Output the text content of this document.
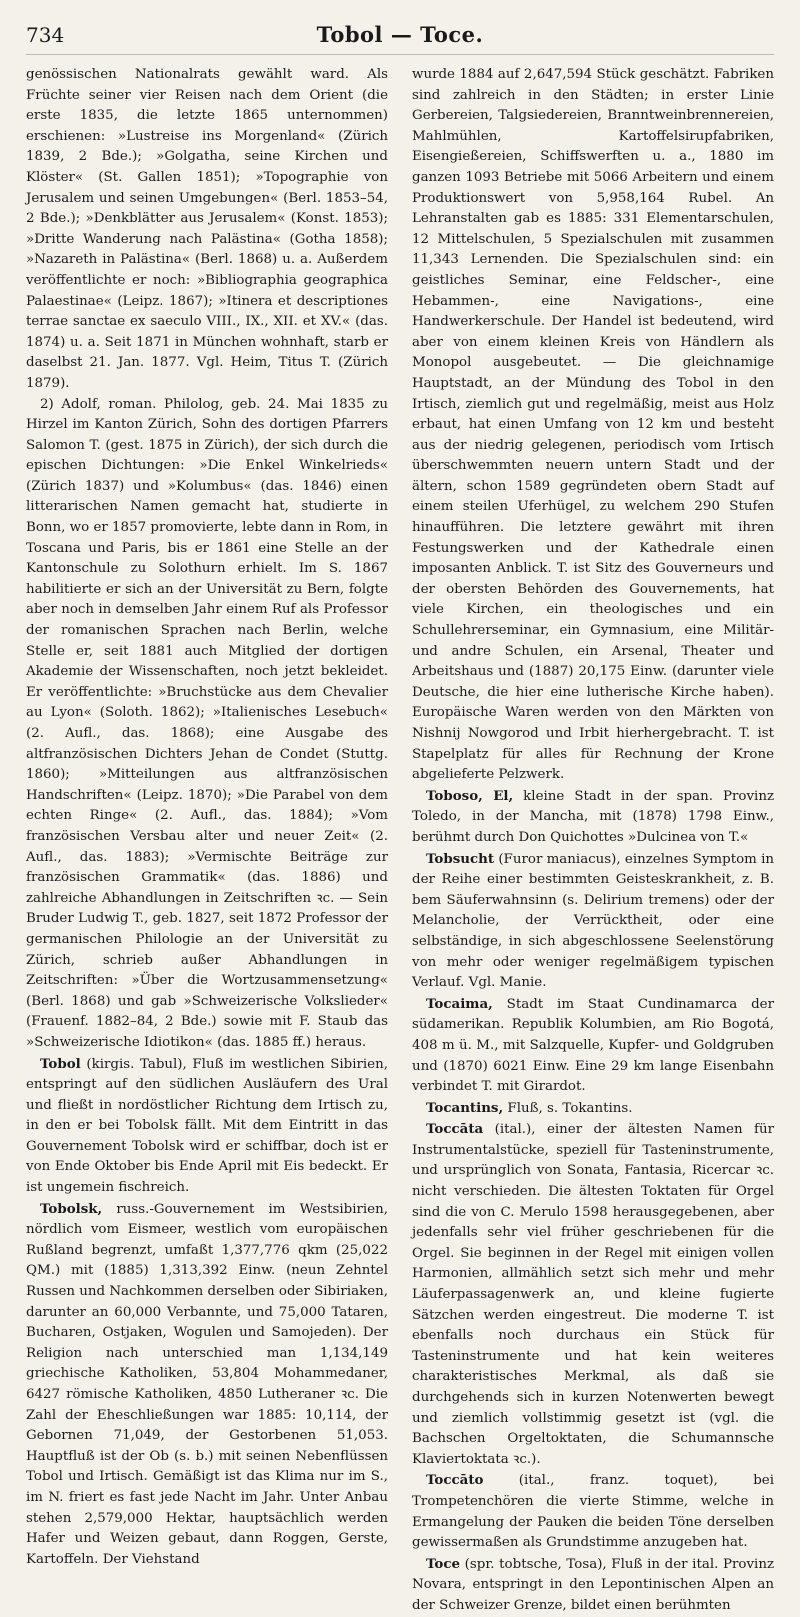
734	Tobol — Toce.

genössischen Nationalrats gewählt ward. Als Früchte seiner vier Reisen nach dem Orient (die erste 1835, die letzte 1865 unternommen) erschienen: »Lustreise ins Morgenland« (Zürich 1839, 2 Bde.); »Golgatha, seine Kirchen und Klöster« (St. Gallen 1851); »Topographie von Jerusalem und seinen Umgebungen« (Berl. 1853–54, 2 Bde.); »Denkblätter aus Jerusalem« (Konst. 1853); »Dritte Wanderung nach Palästina« (Gotha 1858); »Nazareth in Palästina« (Berl. 1868) u. a. Außerdem veröffentlichte er noch: »Bibliographia geographica Palaestinae« (Leipz. 1867); »Itinera et descriptiones terrae sanctae ex saeculo VIII., IX., XII. et XV.« (das. 1874) u. a. Seit 1871 in München wohnhaft, starb er daselbst 21. Jan. 1877. Vgl. Heim, Titus T. (Zürich 1879).

2) Adolf, roman. Philolog, geb. 24. Mai 1835 zu Hirzel im Kanton Zürich, Sohn des dortigen Pfarrers Salomon T. (gest. 1875 in Zürich), der sich durch die epischen Dichtungen: »Die Enkel Winkelrieds« (Zürich 1837) und »Kolumbus« (das. 1846) einen litterarischen Namen gemacht hat, studierte in Bonn, wo er 1857 promovierte, lebte dann in Rom, in Toscana und Paris, bis er 1861 eine Stelle an der Kantonschule zu Solothurn erhielt. Im S. 1867 habilitierte er sich an der Universität zu Bern, folgte aber noch in demselben Jahr einem Ruf als Professor der romanischen Sprachen nach Berlin, welche Stelle er, seit 1881 auch Mitglied der dortigen Akademie der Wissenschaften, noch jetzt bekleidet. Er veröffentlichte: »Bruchstücke aus dem Chevalier au Lyon« (Soloth. 1862); »Italienisches Lesebuch« (2. Aufl., das. 1868); eine Ausgabe des altfranzösischen Dichters Jehan de Condet (Stuttg. 1860); »Mitteilungen aus altfranzösischen Handschriften« (Leipz. 1870); »Die Parabel von dem echten Ringe« (2. Aufl., das. 1884); »Vom französischen Versbau alter und neuer Zeit« (2. Aufl., das. 1883); »Vermischte Beiträge zur französischen Grammatik« (das. 1886) und zahlreiche Abhandlungen in Zeitschriften ꝛc. — Sein Bruder Ludwig T., geb. 1827, seit 1872 Professor der germanischen Philologie an der Universität zu Zürich, schrieb außer Abhandlungen in Zeitschriften: »Über die Wortzusammensetzung« (Berl. 1868) und gab »Schweizerische Volkslieder« (Frauenf. 1882–84, 2 Bde.) sowie mit F. Staub das »Schweizerische Idiotikon« (das. 1885 ff.) heraus.

Tobol (kirgis. Tabul), Fluß im westlichen Sibirien, entspringt auf den südlichen Ausläufern des Ural und fließt in nordöstlicher Richtung dem Irtisch zu, in den er bei Tobolsk fällt. Mit dem Eintritt in das Gouvernement Tobolsk wird er schiffbar, doch ist er von Ende Oktober bis Ende April mit Eis bedeckt. Er ist ungemein fischreich.

Tobolsk, russ.-Gouvernement im Westsibirien, nördlich vom Eismeer, westlich vom europäischen Rußland begrenzt, umfaßt 1,377,776 qkm (25,022 QM.) mit (1885) 1,313,392 Einw. (neun Zehntel Russen und Nachkommen derselben oder Sibiriaken, darunter an 60,000 Verbannte, und 75,000 Tataren, Bucharen, Ostjaken, Wogulen und Samojeden). Der Religion nach unterschied man 1,134,149 griechische Katholiken, 53,804 Mohammedaner, 6427 römische Katholiken, 4850 Lutheraner ꝛc. Die Zahl der Eheschließungen war 1885: 10,114, der Gebornen 71,049, der Gestorbenen 51,053. Hauptfluß ist der Ob (s. b.) mit seinen Nebenflüssen Tobol und Irtisch. Gemäßigt ist das Klima nur im S., im N. friert es fast jede Nacht im Jahr. Unter Anbau stehen 2,579,000 Hektar, hauptsächlich werden Hafer und Weizen gebaut, dann Roggen, Gerste, Kartoffeln. Der Viehstand

wurde 1884 auf 2,647,594 Stück geschätzt. Fabriken sind zahlreich in den Städten; in erster Linie Gerbereien, Talgsiedereien, Branntweinbrennereien, Mahlmühlen, Kartoffelsirupfabriken, Eisengießereien, Schiffswerften u. a., 1880 im ganzen 1093 Betriebe mit 5066 Arbeitern und einem Produktionswert von 5,958,164 Rubel. An Lehranstalten gab es 1885: 331 Elementarschulen, 12 Mittelschulen, 5 Spezialschulen mit zusammen 11,343 Lernenden. Die Spezialschulen sind: ein geistliches Seminar, eine Feldscher-, eine Hebammen-, eine Navigations-, eine Handwerkerschule. Der Handel ist bedeutend, wird aber von einem kleinen Kreis von Händlern als Monopol ausgebeutet. — Die gleichnamige Hauptstadt, an der Mündung des Tobol in den Irtisch, ziemlich gut und regelmäßig, meist aus Holz erbaut, hat einen Umfang von 12 km und besteht aus der niedrig gelegenen, periodisch vom Irtisch überschwemmten neuern untern Stadt und der ältern, schon 1589 gegründeten obern Stadt auf einem steilen Uferhügel, zu welchem 290 Stufen hinaufführen. Die letztere gewährt mit ihren Festungswerken und der Kathedrale einen imposanten Anblick. T. ist Sitz des Gouverneurs und der obersten Behörden des Gouvernements, hat viele Kirchen, ein theologisches und ein Schullehrerseminar, ein Gymnasium, eine Militär- und andre Schulen, ein Arsenal, Theater und Arbeitshaus und (1887) 20,175 Einw. (darunter viele Deutsche, die hier eine lutherische Kirche haben). Europäische Waren werden von den Märkten von Nishnij Nowgorod und Irbit hierhergebracht. T. ist Stapelplatz für alles für Rechnung der Krone abgelieferte Pelzwerk.

Toboso, El, kleine Stadt in der span. Provinz Toledo, in der Mancha, mit (1878) 1798 Einw., berühmt durch Don Quichottes »Dulcinea von T.«

Tobsucht (Furor maniacus), einzelnes Symptom in der Reihe einer bestimmten Geisteskrankheit, z. B. bem Säuferwahnsinn (s. Delirium tremens) oder der Melancholie, der Verrücktheit, oder eine selbständige, in sich abgeschlossene Seelenstörung von mehr oder weniger regelmäßigem typischen Verlauf. Vgl. Manie.

Tocaima, Stadt im Staat Cundinamarca der südamerikan. Republik Kolumbien, am Rio Bogotá, 408 m ü. M., mit Salzquelle, Kupfer- und Goldgruben und (1870) 6021 Einw. Eine 29 km lange Eisenbahn verbindet T. mit Girardot.

Tocantins, Fluß, s. Tokantins.

Toccāta (ital.), einer der ältesten Namen für Instrumentalstücke, speziell für Tasteninstrumente, und ursprünglich von Sonata, Fantasia, Ricercar ꝛc. nicht verschieden. Die ältesten Toktaten für Orgel sind die von C. Merulo 1598 herausgegebenen, aber jedenfalls sehr viel früher geschriebenen für die Orgel. Sie beginnen in der Regel mit einigen vollen Harmonien, allmählich setzt sich mehr und mehr Läuferpassagenwerk an, und kleine fugierte Sätzchen werden eingestreut. Die moderne T. ist ebenfalls noch durchaus ein Stück für Tasteninstrumente und hat kein weiteres charakteristisches Merkmal, als daß sie durchgehends sich in kurzen Notenwerten bewegt und ziemlich vollstimmig gesetzt ist (vgl. die Bachschen Orgeltoktaten, die Schumannsche Klaviertoktata ꝛc.).

Toccāto (ital., franz. toquet), bei Trompetenchören die vierte Stimme, welche in Ermangelung der Pauken die beiden Töne derselben gewissermaßen als Grundstimme anzugeben hat.

Toce (spr. tobtsche, Tosa), Fluß in der ital. Provinz Novara, entspringt in den Lepontinischen Alpen an der Schweizer Grenze, bildet einen berühmten
